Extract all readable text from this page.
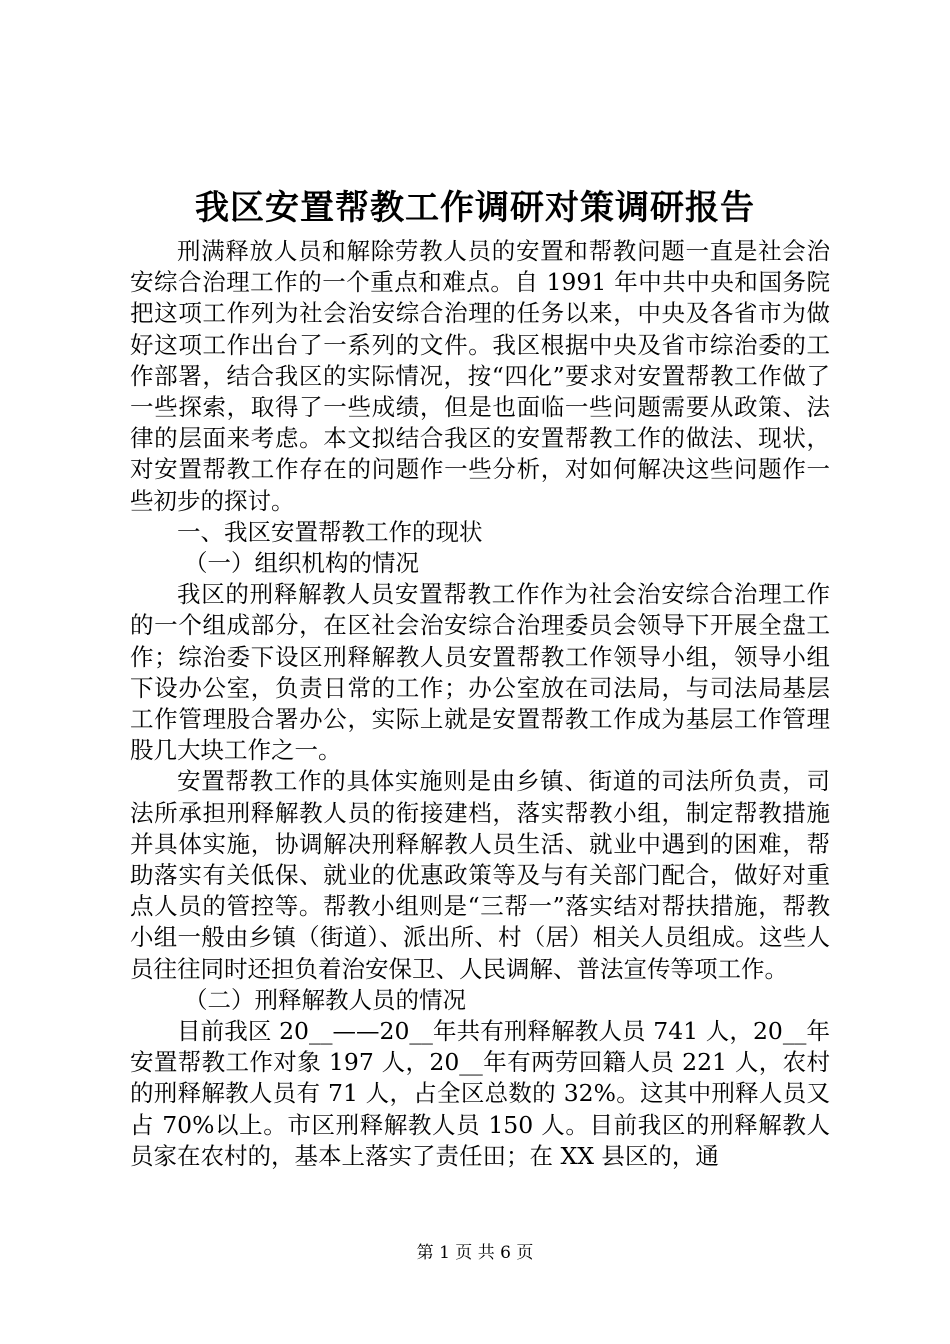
我区安置帮教工作调研对策调研报告

刑满释放人员和解除劳教人员的安置和帮教问题一直是社会治安综合治理工作的一个重点和难点。自 1991 年中共中央和国务院把这项工作列为社会治安综合治理的任务以来，中央及各省市为做好这项工作出台了一系列的文件。我区根据中央及省市综治委的工作部署，结合我区的实际情况，按“四化”要求对安置帮教工作做了一些探索，取得了一些成绩，但是也面临一些问题需要从政策、法律的层面来考虑。本文拟结合我区的安置帮教工作的做法、现状，对安置帮教工作存在的问题作一些分析，对如何解决这些问题作一些初步的探讨。

一、我区安置帮教工作的现状

（一）组织机构的情况

我区的刑释解教人员安置帮教工作作为社会治安综合治理工作的一个组成部分，在区社会治安综合治理委员会领导下开展全盘工作；综治委下设区刑释解教人员安置帮教工作领导小组，领导小组下设办公室，负责日常的工作；办公室放在司法局，与司法局基层工作管理股合署办公，实际上就是安置帮教工作成为基层工作管理股几大块工作之一。

安置帮教工作的具体实施则是由乡镇、街道的司法所负责，司法所承担刑释解教人员的衔接建档，落实帮教小组，制定帮教措施并具体实施，协调解决刑释解教人员生活、就业中遇到的困难，帮助落实有关低保、就业的优惠政策等及与有关部门配合，做好对重点人员的管控等。帮教小组则是“三帮一”落实结对帮扶措施，帮教小组一般由乡镇（街道）、派出所、村（居）相关人员组成。这些人员往往同时还担负着治安保卫、人民调解、普法宣传等项工作。

（二）刑释解教人员的情况

目前我区 20__——20__年共有刑释解教人员 741 人，20__年安置帮教工作对象 197 人，20__年有两劳回籍人员 221 人，农村的刑释解教人员有 71 人，占全区总数的 32%。这其中刑释人员又占 70%以上。市区刑释解教人员 150 人。目前我区的刑释解教人员家在农村的，基本上落实了责任田；在 XX 县区的，通

第 1 页 共 6 页
